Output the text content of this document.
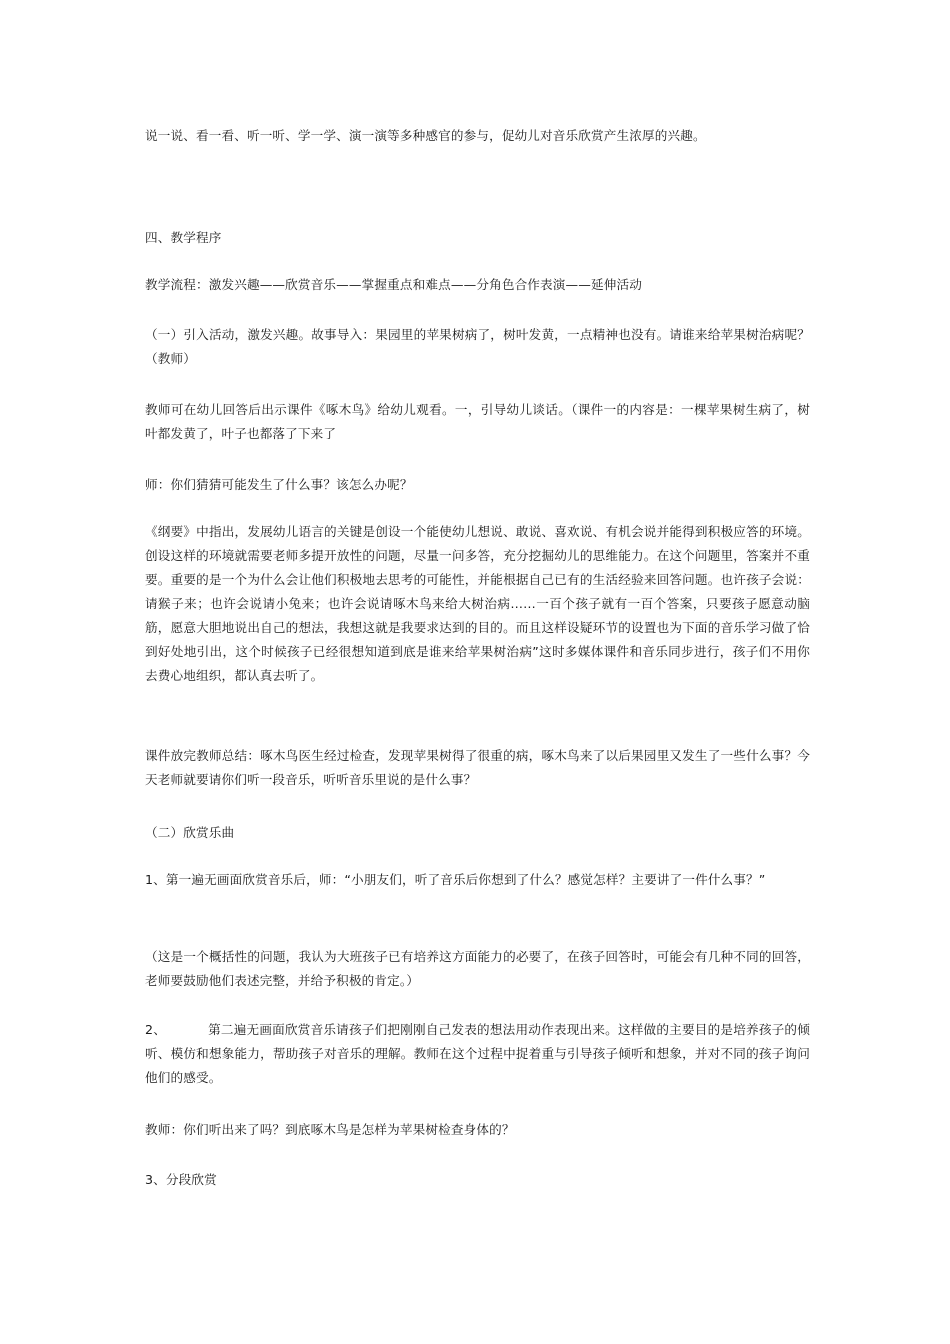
说一说、看一看、听一听、学一学、演一演等多种感官的参与，促幼儿对音乐欣赏产生浓厚的兴趣。

四、教学程序

教学流程：激发兴趣——欣赏音乐——掌握重点和难点——分角色合作表演——延伸活动

（一）引入活动，激发兴趣。故事导入：果园里的苹果树病了，树叶发黄，一点精神也没有。请谁来给苹果树治病呢？（教师）

教师可在幼儿回答后出示课件《啄木鸟》给幼儿观看。一，引导幼儿谈话。（课件一的内容是：一棵苹果树生病了，树叶都发黄了，叶子也都落了下来了

师：你们猜猜可能发生了什么事？该怎么办呢？

《纲要》中指出，发展幼儿语言的关键是创设一个能使幼儿想说、敢说、喜欢说、有机会说并能得到积极应答的环境。创设这样的环境就需要老师多提开放性的问题，尽量一问多答，充分挖掘幼儿的思维能力。在这个问题里，答案并不重要。重要的是一个为什么会让他们积极地去思考的可能性，并能根据自己已有的生活经验来回答问题。也许孩子会说：请猴子来；也许会说请小兔来；也许会说请啄木鸟来给大树治病……一百个孩子就有一百个答案，只要孩子愿意动脑筋，愿意大胆地说出自己的想法，我想这就是我要求达到的目的。而且这样设疑环节的设置也为下面的音乐学习做了恰到好处地引出，这个时候孩子已经很想知道到底是谁来给苹果树治病”这时多媒体课件和音乐同步进行，孩子们不用你去费心地组织，都认真去听了。

课件放完教师总结：啄木鸟医生经过检查，发现苹果树得了很重的病，啄木鸟来了以后果园里又发生了一些什么事？今天老师就要请你们听一段音乐，听听音乐里说的是什么事？

（二）欣赏乐曲

1、第一遍无画面欣赏音乐后，师：“小朋友们，听了音乐后你想到了什么？感觉怎样？主要讲了一件什么事？”

（这是一个概括性的问题，我认为大班孩子已有培养这方面能力的必要了，在孩子回答时，可能会有几种不同的回答，老师要鼓励他们表述完整，并给予积极的肯定。）

2、	第二遍无画面欣赏音乐请孩子们把刚刚自己发表的想法用动作表现出来。这样做的主要目的是培养孩子的倾听、模仿和想象能力，帮助孩子对音乐的理解。教师在这个过程中捉着重与引导孩子倾听和想象，并对不同的孩子询问他们的感受。

教师：你们听出来了吗？到底啄木鸟是怎样为苹果树检查身体的？

3、分段欣赏
